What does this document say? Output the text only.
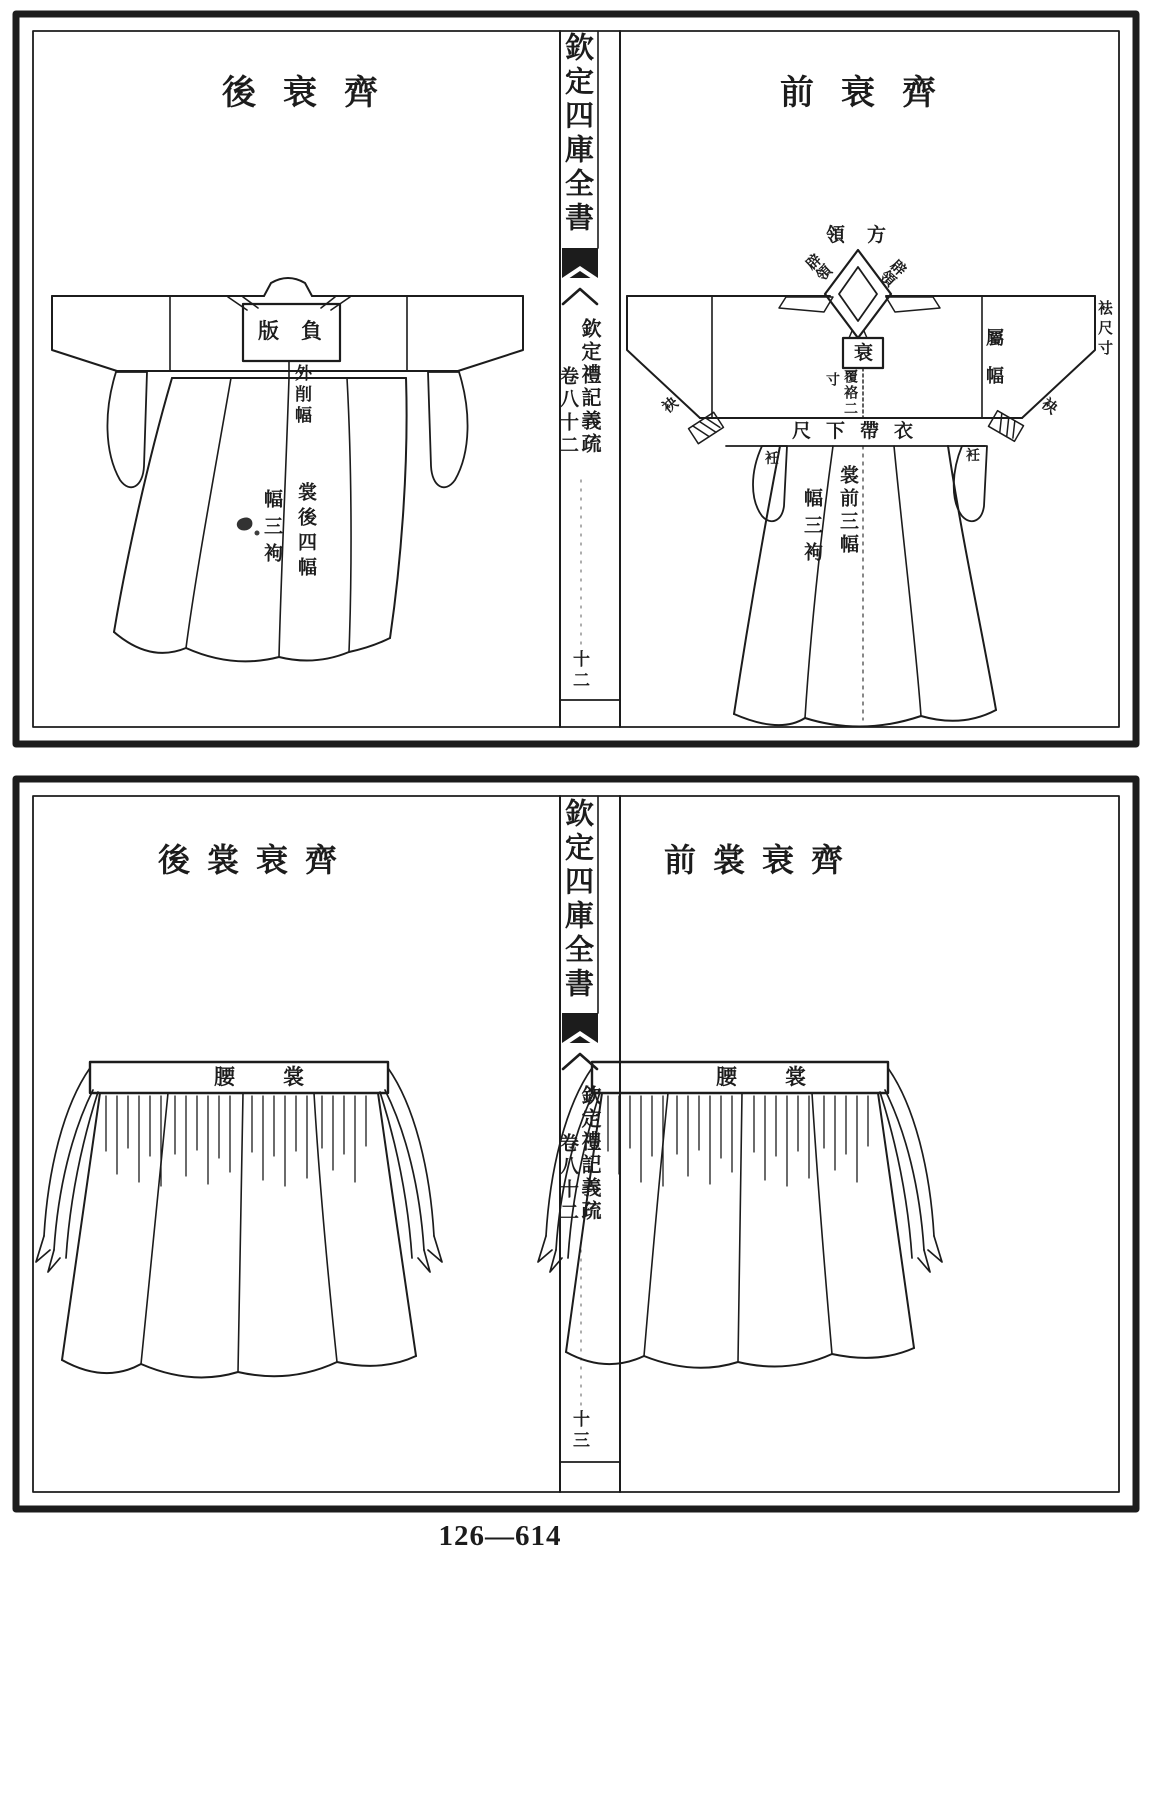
欽定四庫全書
欽定禮記義疏
卷八十二
十二
欽定四庫全書
欽定禮記義疏
卷八十二
十三
後衰齊	前衰齊
版負
外削幅
裳後四幅
幅三袧
領方
辟領	辟領
衰
覆袼二
寸	屬幅	袪尺寸
尺下帶衣
袂	袂
衽	衽
裳前三幅
幅三袧
後裳衰齊	前裳衰齊
腰裳	腰裳
126—614
